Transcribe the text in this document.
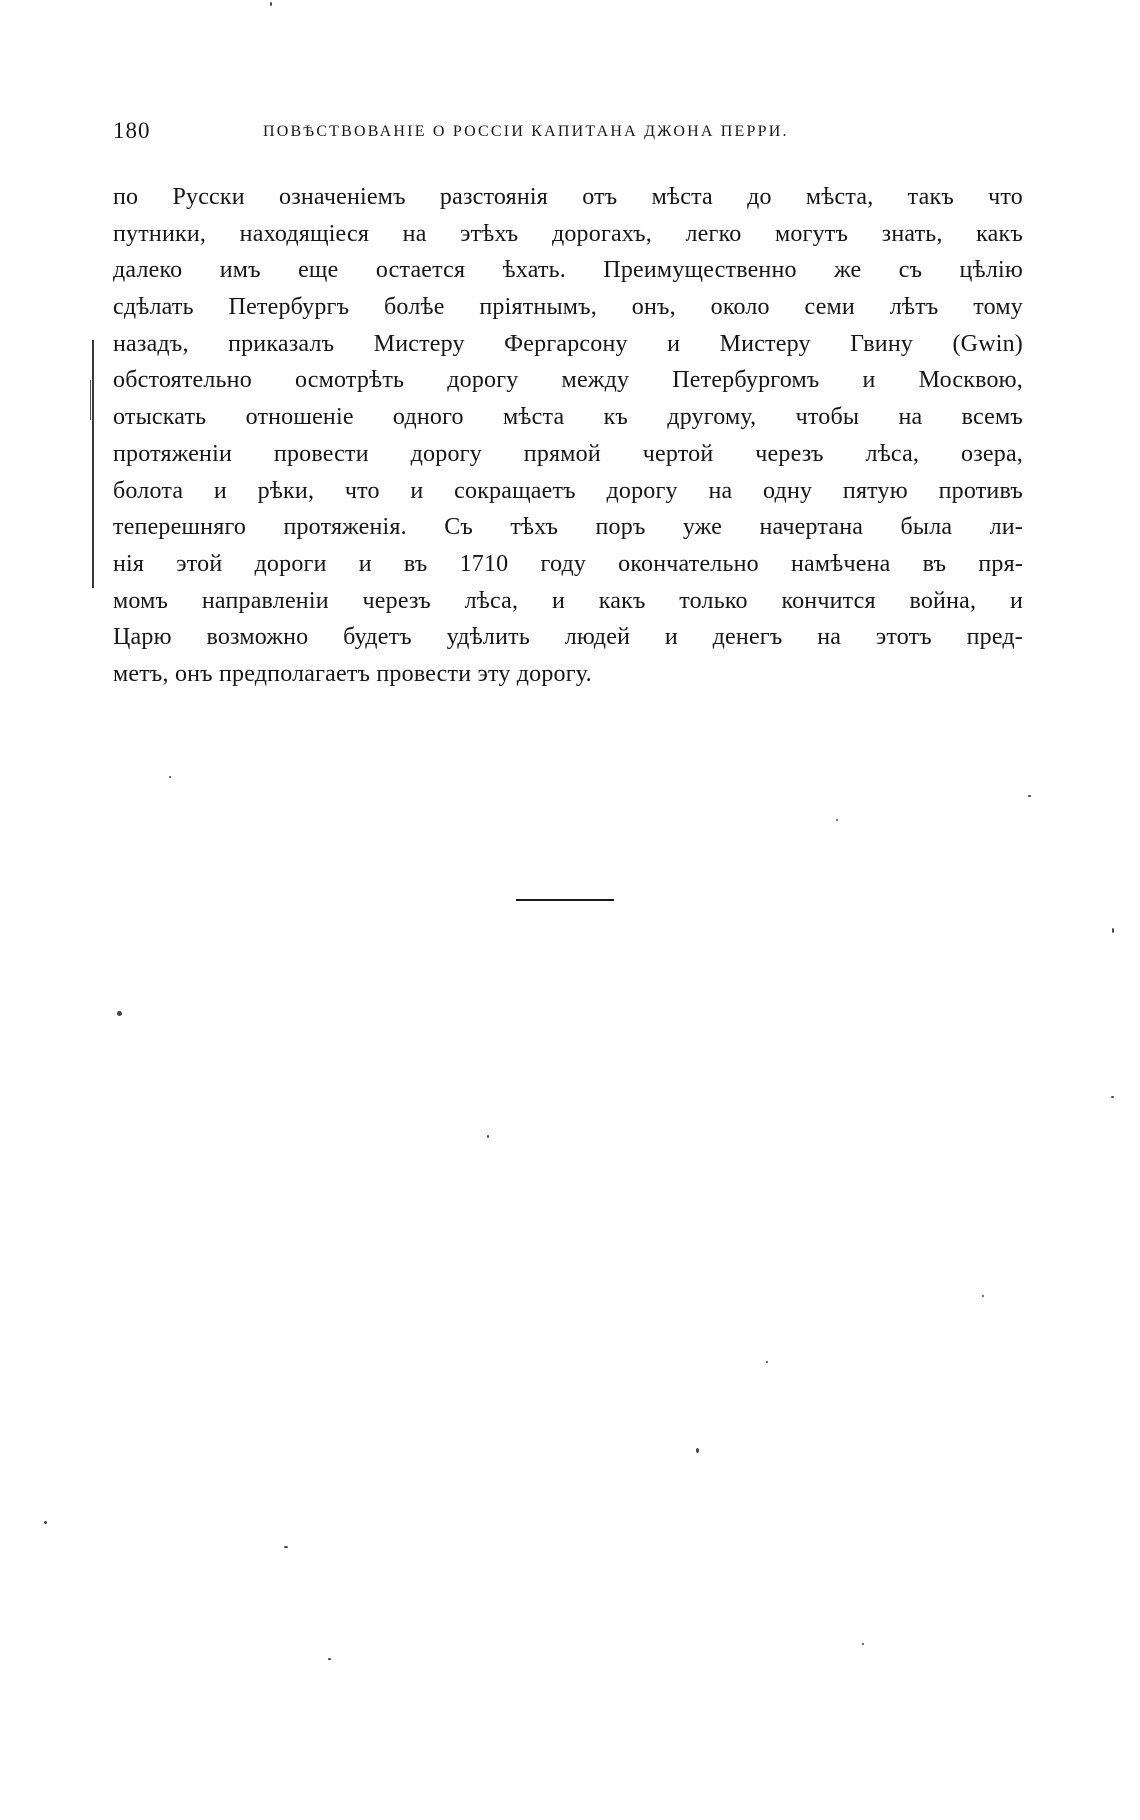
180	ПОВѢСТВОВАНІЕ О РОССІИ КАПИТАНА ДЖОНА ПЕРРИ.
по Русски означеніемъ разстоянія отъ мѣста до мѣста, такъ что
путники, находящіеся на этѣхъ дорогахъ, легко могутъ знать, какъ
далеко имъ еще остается ѣхать. Преимущественно же съ цѣлію
сдѣлать Петербургъ болѣе пріятнымъ, онъ, около семи лѣтъ тому
назадъ, приказалъ Мистеру Фергарсону и Мистеру Гвину (Gwin)
обстоятельно осмотрѣть дорогу между Петербургомъ и Москвою,
отыскать отношеніе одного мѣста къ другому, чтобы на всемъ
протяженіи провести дорогу прямой чертой черезъ лѣса, озера,
болота и рѣки, что и сокращаетъ дорогу на одну пятую противъ
теперешняго протяженія. Съ тѣхъ поръ уже начертана была ли-
нія этой дороги и въ 1710 году окончательно намѣчена въ пря-
момъ направленіи черезъ лѣса, и какъ только кончится война, и
Царю возможно будетъ удѣлить людей и денегъ на этотъ пред-
метъ, онъ предполагаетъ провести эту дорогу.
